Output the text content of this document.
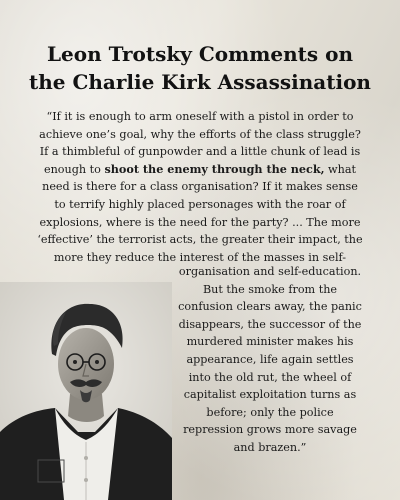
Leon Trotsky Comments on
the Charlie Kirk Assassination

“If it is enough to arm oneself with a pistol in order to
achieve one’s goal, why the efforts of the class struggle?
If a thimbleful of gunpowder and a little chunk of lead is
enough to shoot the enemy through the neck, what
need is there for a class organisation? If it makes sense
to terrify highly placed personages with the roar of
explosions, where is the need for the party? ... The more
‘effective’ the terrorist acts, the greater their impact, the
more they reduce the interest of the masses in self-

organisation and self-education.
But the smoke from the
confusion clears away, the panic
disappears, the successor of the
murdered minister makes his
appearance, life again settles
into the old rut, the wheel of
capitalist exploitation turns as
before; only the police
repression grows more savage
and brazen.”
